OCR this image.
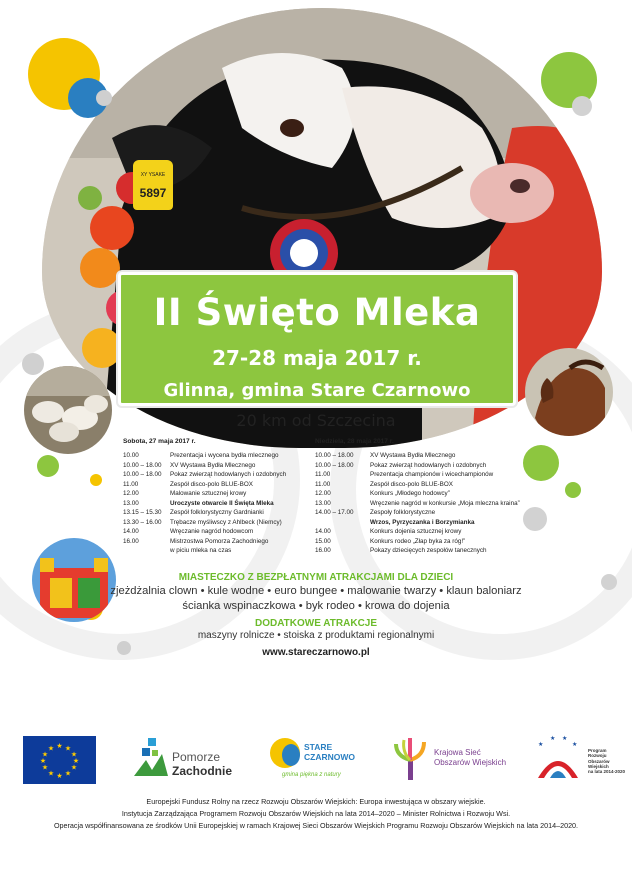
XY YSAKE
5897
II Święto Mleka
27-28 maja 2017 r.
Glinna, gmina Stare Czarnowo
20 km od Szczecina
Sobota, 27 maja 2017 r.
10.00	Prezentacja i wycena bydła mlecznego
10.00 – 18.00	XV Wystawa Bydła Mlecznego
10.00 – 18.00	Pokaz zwierząt hodowlanych i ozdobnych
11.00	Zespół disco-polo BLUE-BOX
12.00	Malowanie sztucznej krowy
13.00	Uroczyste otwarcie II Święta Mleka
13.15 – 15.30	Zespół folklorystyczny Gardnianki
13.30 – 16.00	Trębacze myśliwscy z Ahlbeck (Niemcy)
14.00	Wręczanie nagród hodowcom
16.00	Mistrzostwa Pomorza Zachodniego
w piciu mleka na czas
Niedziela, 28 maja 2017 r.
10.00 – 18.00	XV Wystawa Bydła Mlecznego
10.00 – 18.00	Pokaz zwierząt hodowlanych i ozdobnych
11.00	Prezentacja championów i wicechampionów
11.00	Zespół disco-polo BLUE-BOX
12.00	Konkurs „Młodego hodowcy”
13.00	Wręczenie nagród w konkursie „Moja mleczna kraina”
14.00 – 17.00	Zespoły folklorystyczne
Wrzos, Pyrzyczanka i Borzymianka
14.00	Konkurs dojenia sztucznej krowy
15.00	Konkurs rodeo „Złap byka za róg!”
16.00	Pokazy dziecięcych zespołów tanecznych
MIASTECZKO Z BEZPŁATNYMI ATRAKCJAMI DLA DZIECI
zjeżdżalnia clown • kule wodne • euro bungee • malowanie twarzy • klaun baloniarz
ścianka wspinaczkowa • byk rodeo • krowa do dojenia
DODATKOWE ATRAKCJE
maszyny rolnicze • stoiska z produktami regionalnymi
www.stareczarnowo.pl
★ ★
★
★
★
★
★
★
★
★
★
★
Pomorze
Zachodnie
STARE
CZARNOWO
gmina piękna z natury
Krajowa Sieć
Obszarów Wiejskich
★
★ ★
★
Program
Rozwoju
Obszarów
Wiejskich
na lata 2014-2020
Europejski Fundusz Rolny na rzecz Rozwoju Obszarów Wiejskich: Europa inwestująca w obszary wiejskie.
Instytucja Zarządzająca Programem Rozwoju Obszarów Wiejskich na lata 2014–2020 – Minister Rolnictwa i Rozwoju Wsi.
Operacja współfinansowana ze środków Unii Europejskiej w ramach Krajowej Sieci Obszarów Wiejskich Programu Rozwoju Obszarów Wiejskich na lata 2014–2020.
